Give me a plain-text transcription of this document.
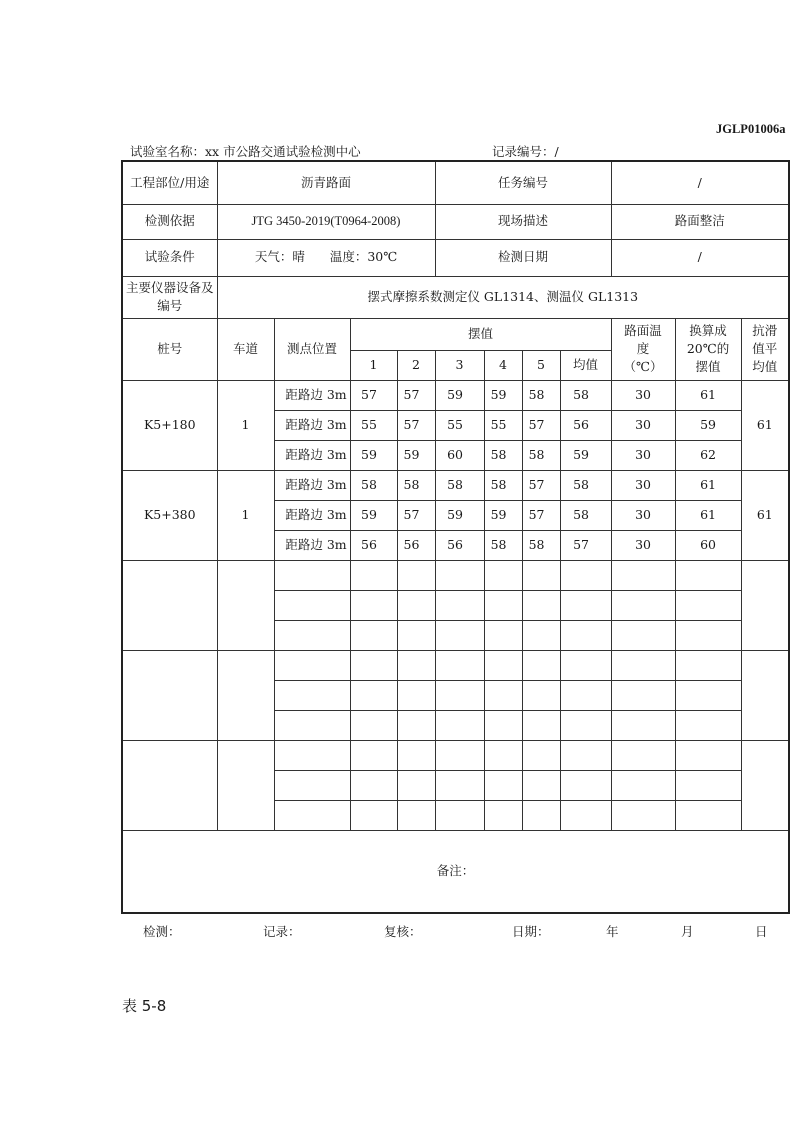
JGLP01006a
试验室名称：xx 市公路交通试验检测中心	记录编号：/
工程部位/用途	沥青路面				任务编号				/		
检测依据	JTG 3450-2019(T0964-2008)				现场描述				路面整洁		
试验条件	天气：晴　　温度：30℃				检测日期				/		
主要仪器设备及编号	摆式摩擦系数测定仪 GL1314、测温仪 GL1313										
桩号	车道	测点位置	摆值						路面温度（℃）	换算成20℃的摆值	抗滑值平均值
			1	2	3	4	5	均值			
K5+180	1	距路边 3m	57	57	59	59	58	58	30	61	61
		距路边 3m	55	57	55	55	57	56	30	59	
		距路边 3m	59	59	60	58	58	59	30	62	
K5+380	1	距路边 3m	58	58	58	58	57	58	30	61	61
		距路边 3m	59	57	59	59	57	58	30	61	
		距路边 3m	56	56	56	58	58	57	30	60	

备注：											
检测：	记录：	复核：	日期：	年	月	日
表 5-8
